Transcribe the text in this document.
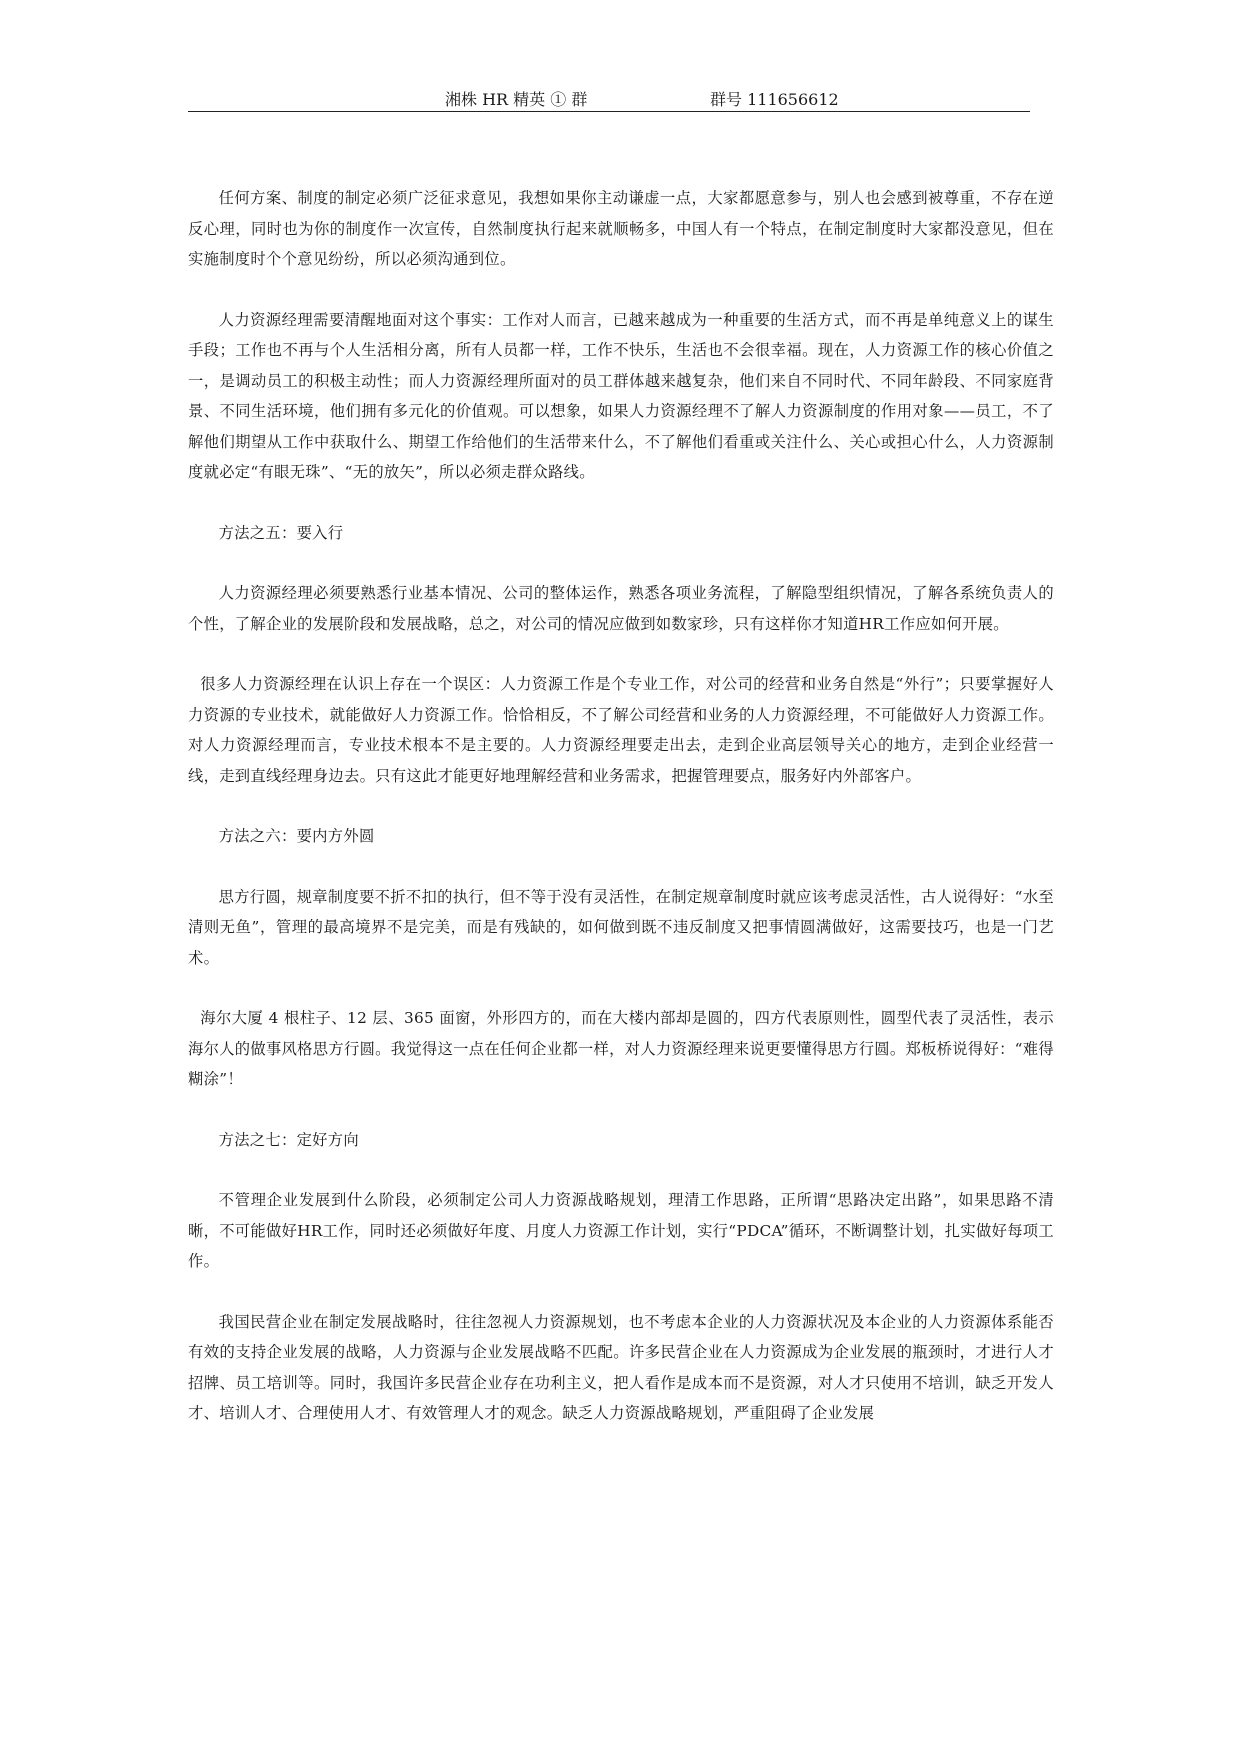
湘株 HR 精英 ① 群	群号 111656612

任何方案、制度的制定必须广泛征求意见，我想如果你主动谦虚一点，大家都愿意参与，别人也会感到被尊重，不存在逆反心理，同时也为你的制度作一次宣传，自然制度执行起来就顺畅多，中国人有一个特点，在制定制度时大家都没意见，但在实施制度时个个意见纷纷，所以必须沟通到位。

人力资源经理需要清醒地面对这个事实：工作对人而言，已越来越成为一种重要的生活方式，而不再是单纯意义上的谋生手段；工作也不再与个人生活相分离，所有人员都一样，工作不快乐，生活也不会很幸福。现在，人力资源工作的核心价值之一，是调动员工的积极主动性；而人力资源经理所面对的员工群体越来越复杂，他们来自不同时代、不同年龄段、不同家庭背景、不同生活环境，他们拥有多元化的价值观。可以想象，如果人力资源经理不了解人力资源制度的作用对象——员工，不了解他们期望从工作中获取什么、期望工作给他们的生活带来什么，不了解他们看重或关注什么、关心或担心什么，人力资源制度就必定“有眼无珠”、“无的放矢”，所以必须走群众路线。

方法之五：要入行

人力资源经理必须要熟悉行业基本情况、公司的整体运作，熟悉各项业务流程，了解隐型组织情况，了解各系统负责人的个性，了解企业的发展阶段和发展战略，总之，对公司的情况应做到如数家珍，只有这样你才知道HR工作应如何开展。

很多人力资源经理在认识上存在一个误区：人力资源工作是个专业工作，对公司的经营和业务自然是“外行”；只要掌握好人力资源的专业技术，就能做好人力资源工作。恰恰相反，不了解公司经营和业务的人力资源经理，不可能做好人力资源工作。对人力资源经理而言，专业技术根本不是主要的。人力资源经理要走出去，走到企业高层领导关心的地方，走到企业经营一线，走到直线经理身边去。只有这此才能更好地理解经营和业务需求，把握管理要点，服务好内外部客户。

方法之六：要内方外圆

思方行圆，规章制度要不折不扣的执行，但不等于没有灵活性，在制定规章制度时就应该考虑灵活性，古人说得好：“水至清则无鱼”，管理的最高境界不是完美，而是有残缺的，如何做到既不违反制度又把事情圆满做好，这需要技巧，也是一门艺术。

海尔大厦 4 根柱子、12 层、365 面窗，外形四方的，而在大楼内部却是圆的，四方代表原则性，圆型代表了灵活性，表示海尔人的做事风格思方行圆。我觉得这一点在任何企业都一样，对人力资源经理来说更要懂得思方行圆。郑板桥说得好：“难得糊涂”！

方法之七：定好方向

不管理企业发展到什么阶段，必须制定公司人力资源战略规划，理清工作思路，正所谓“思路决定出路”，如果思路不清晰，不可能做好HR工作，同时还必须做好年度、月度人力资源工作计划，实行“PDCA”循环，不断调整计划，扎实做好每项工作。

我国民营企业在制定发展战略时，往往忽视人力资源规划，也不考虑本企业的人力资源状况及本企业的人力资源体系能否有效的支持企业发展的战略，人力资源与企业发展战略不匹配。许多民营企业在人力资源成为企业发展的瓶颈时，才进行人才招牌、员工培训等。同时，我国许多民营企业存在功利主义，把人看作是成本而不是资源，对人才只使用不培训，缺乏开发人才、培训人才、合理使用人才、有效管理人才的观念。缺乏人力资源战略规划，严重阻碍了企业发展
